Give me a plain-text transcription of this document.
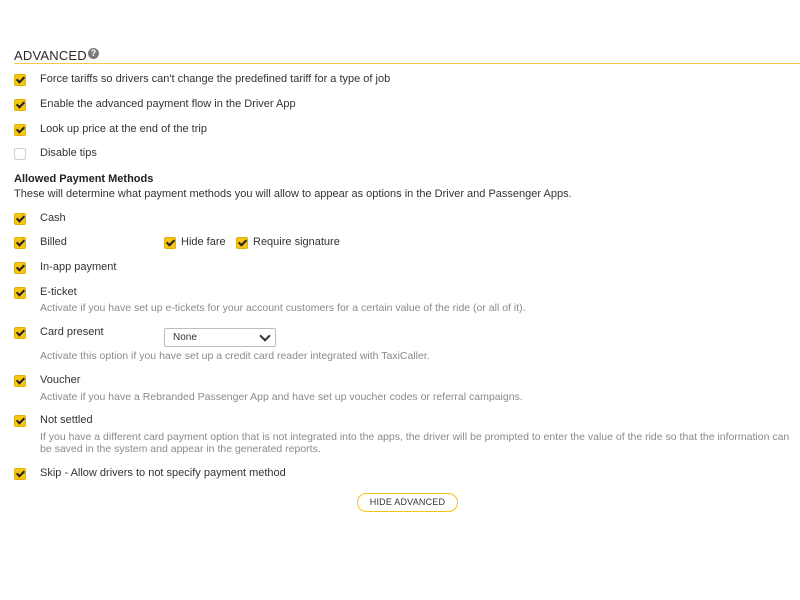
ADVANCED ?
Force tariffs so drivers can't change the predefined tariff for a type of job
Enable the advanced payment flow in the Driver App
Look up price at the end of the trip
Disable tips
Allowed Payment Methods
These will determine what payment methods you will allow to appear as options in the Driver and Passenger Apps.
Cash
Billed	Hide fare Require signature
In-app payment
E-ticket
Activate if you have set up e-tickets for your account customers for a certain value of the ride (or all of it).
Card present	None
Activate this option if you have set up a credit card reader integrated with TaxiCaller.
Voucher
Activate if you have a Rebranded Passenger App and have set up voucher codes or referral campaigns.
Not settled
If you have a different card payment option that is not integrated into the apps, the driver will be prompted to enter the value of the ride so that the information can
be saved in the system and appear in the generated reports.
Skip - Allow drivers to not specify payment method
HIDE ADVANCED
